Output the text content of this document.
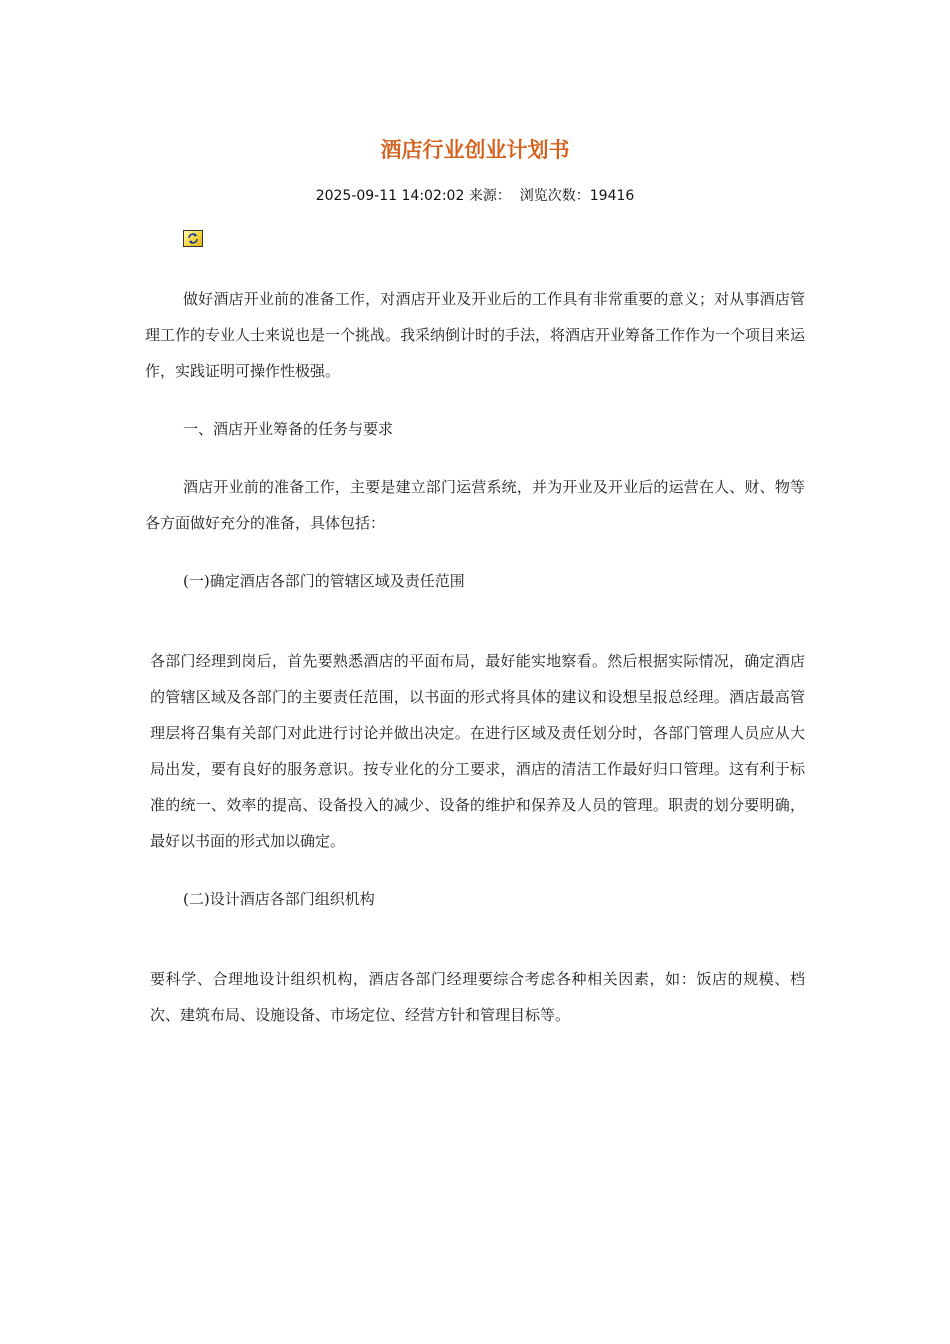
酒店行业创业计划书
2025-09-11 14:02:02 来源： 浏览次数：19416

做好酒店开业前的准备工作，对酒店开业及开业后的工作具有非常重要的意义；对从事酒店管理工作的专业人士来说也是一个挑战。我采纳倒计时的手法，将酒店开业筹备工作作为一个项目来运作，实践证明可操作性极强。

一、酒店开业筹备的任务与要求

酒店开业前的准备工作，主要是建立部门运营系统，并为开业及开业后的运营在人、财、物等各方面做好充分的准备，具体包括：

(一)确定酒店各部门的管辖区域及责任范围

各部门经理到岗后，首先要熟悉酒店的平面布局，最好能实地察看。然后根据实际情况，确定酒店的管辖区域及各部门的主要责任范围，以书面的形式将具体的建议和设想呈报总经理。酒店最高管理层将召集有关部门对此进行讨论并做出决定。在进行区域及责任划分时，各部门管理人员应从大局出发，要有良好的服务意识。按专业化的分工要求，酒店的清洁工作最好归口管理。这有利于标准的统一、效率的提高、设备投入的减少、设备的维护和保养及人员的管理。职责的划分要明确，最好以书面的形式加以确定。

(二)设计酒店各部门组织机构

要科学、合理地设计组织机构，酒店各部门经理要综合考虑各种相关因素，如：饭店的规模、档次、建筑布局、设施设备、市场定位、经营方针和管理目标等。
